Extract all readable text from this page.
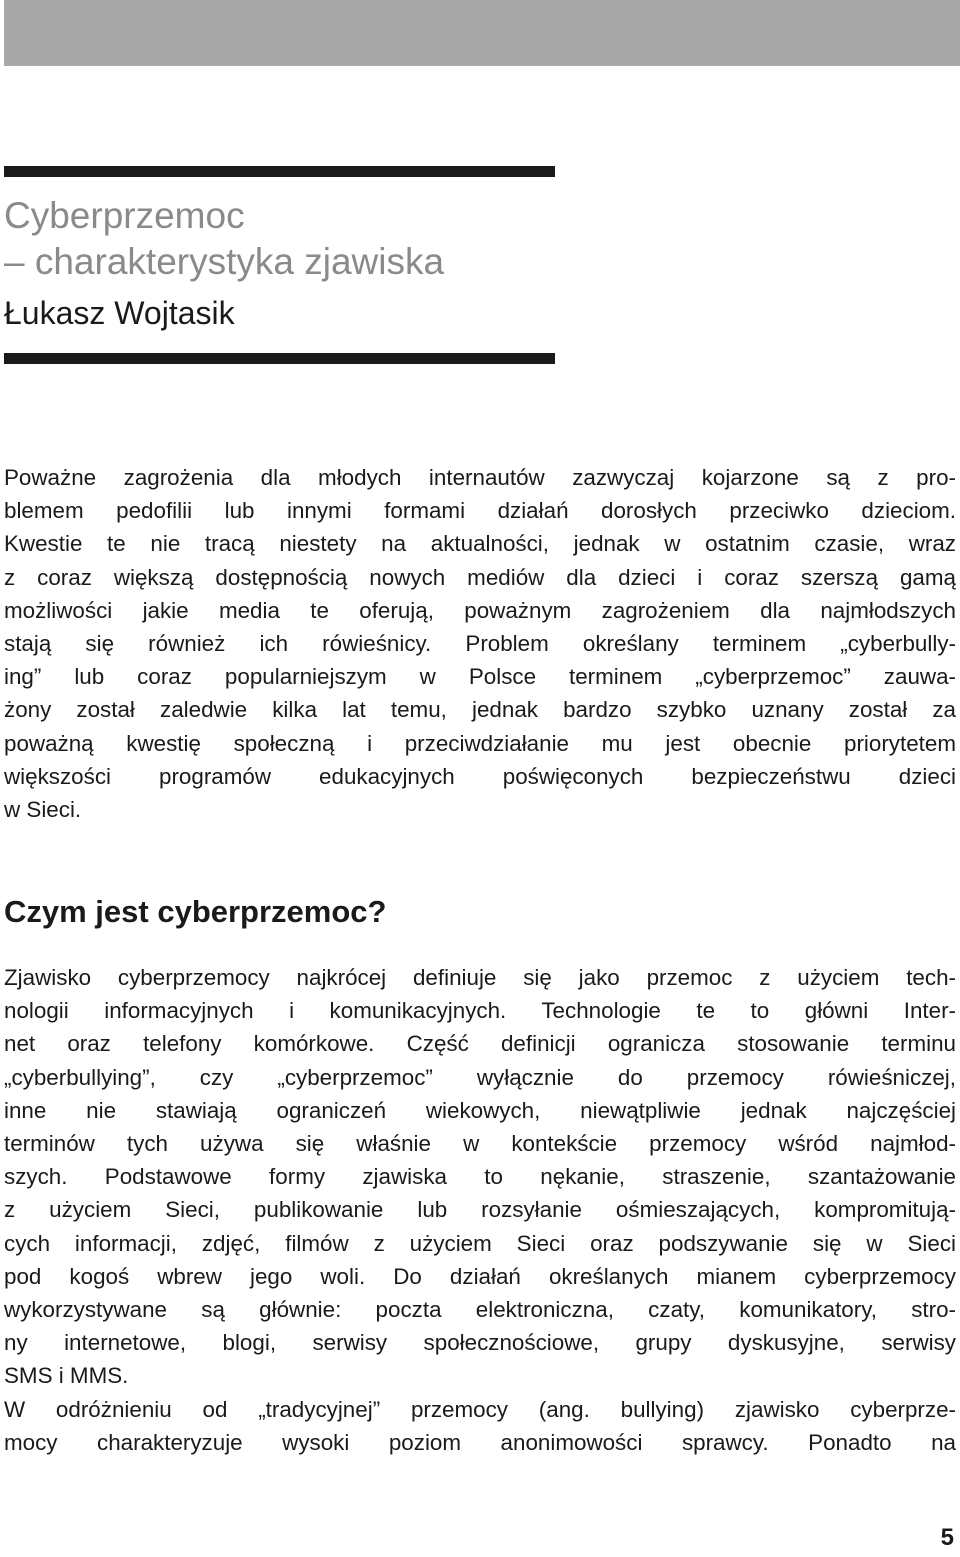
Cyberprzemoc
– charakterystyka zjawiska

Łukasz Wojtasik

Poważne zagrożenia dla młodych internautów zazwyczaj kojarzone są z pro-
blemem pedofilii lub innymi formami działań dorosłych przeciwko dzieciom.
Kwestie te nie tracą niestety na aktualności, jednak w ostatnim czasie, wraz
z coraz większą dostępnością nowych mediów dla dzieci i coraz szerszą gamą
możliwości jakie media te oferują, poważnym zagrożeniem dla najmłodszych
stają się również ich rówieśnicy. Problem określany terminem „cyberbully-
ing” lub coraz popularniejszym w Polsce terminem „cyberprzemoc” zauwa-
żony został zaledwie kilka lat temu, jednak bardzo szybko uznany został za
poważną kwestię społeczną i przeciwdziałanie mu jest obecnie priorytetem
większości programów edukacyjnych poświęconych bezpieczeństwu dzieci
w Sieci.

Czym jest cyberprzemoc?

Zjawisko cyberprzemocy najkrócej definiuje się jako przemoc z użyciem tech-
nologii informacyjnych i komunikacyjnych. Technologie te to główni Inter-
net oraz telefony komórkowe. Część definicji ogranicza stosowanie terminu
„cyberbullying”, czy „cyberprzemoc” wyłącznie do przemocy rówieśniczej,
inne nie stawiają ograniczeń wiekowych, niewątpliwie jednak najczęściej
terminów tych używa się właśnie w kontekście przemocy wśród najmłod-
szych. Podstawowe formy zjawiska to nękanie, straszenie, szantażowanie
z użyciem Sieci, publikowanie lub rozsyłanie ośmieszających, kompromitują-
cych informacji, zdjęć, filmów z użyciem Sieci oraz podszywanie się w Sieci
pod kogoś wbrew jego woli. Do działań określanych mianem cyberprzemocy
wykorzystywane są głównie: poczta elektroniczna, czaty, komunikatory, stro-
ny internetowe, blogi, serwisy społecznościowe, grupy dyskusyjne, serwisy
SMS i MMS.
W odróżnieniu od „tradycyjnej” przemocy (ang. bullying) zjawisko cyberprze-
mocy charakteryzuje wysoki poziom anonimowości sprawcy. Ponadto na

5
